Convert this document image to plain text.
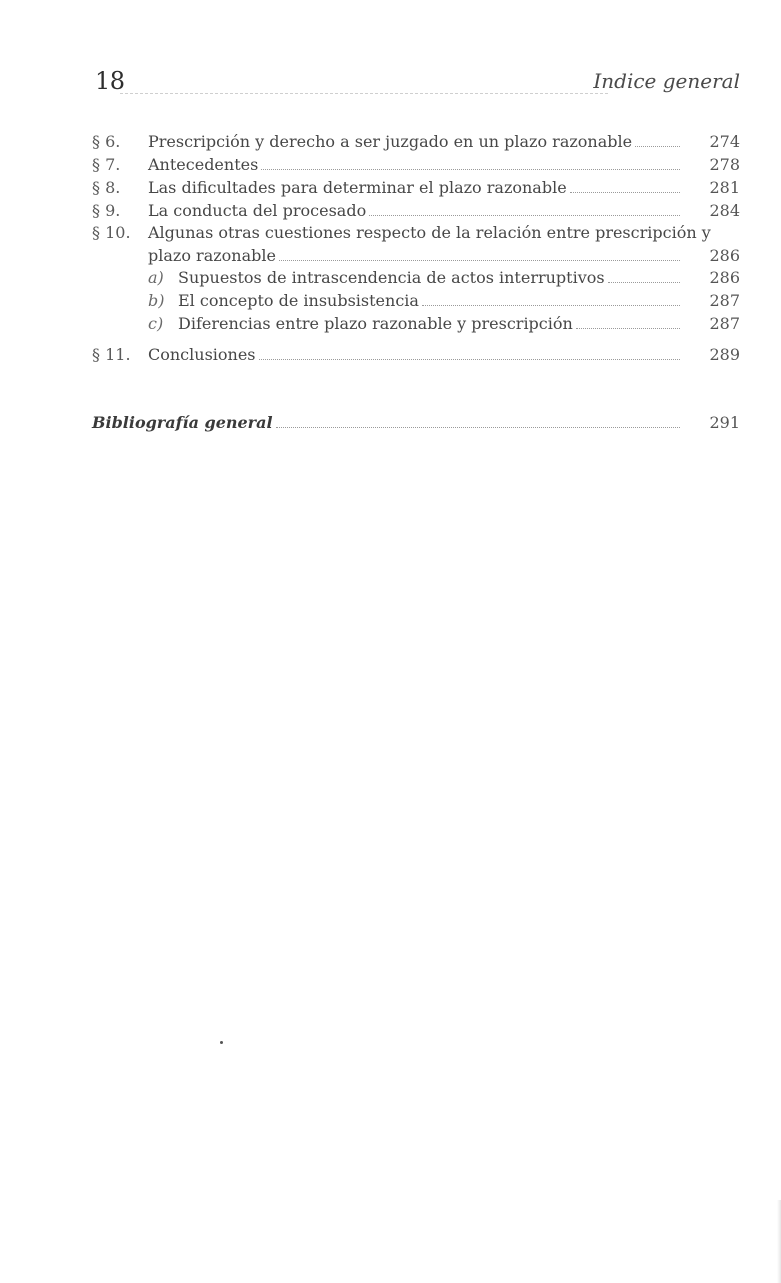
18	Indice general
§ 6.	Prescripción y derecho a ser juzgado en un plazo razonable	274
§ 7.	Antecedentes	278
§ 8.	Las dificultades para determinar el plazo razonable	281
§ 9.	La conducta del procesado	284
§ 10.	Algunas otras cuestiones respecto de la relación entre prescripción y
plazo razonable	286
a) Supuestos de intrascendencia de actos interruptivos	286
b) El concepto de insubsistencia	287
c) Diferencias entre plazo razonable y prescripción	287
§ 11.	Conclusiones	289
Bibliografía general	291
